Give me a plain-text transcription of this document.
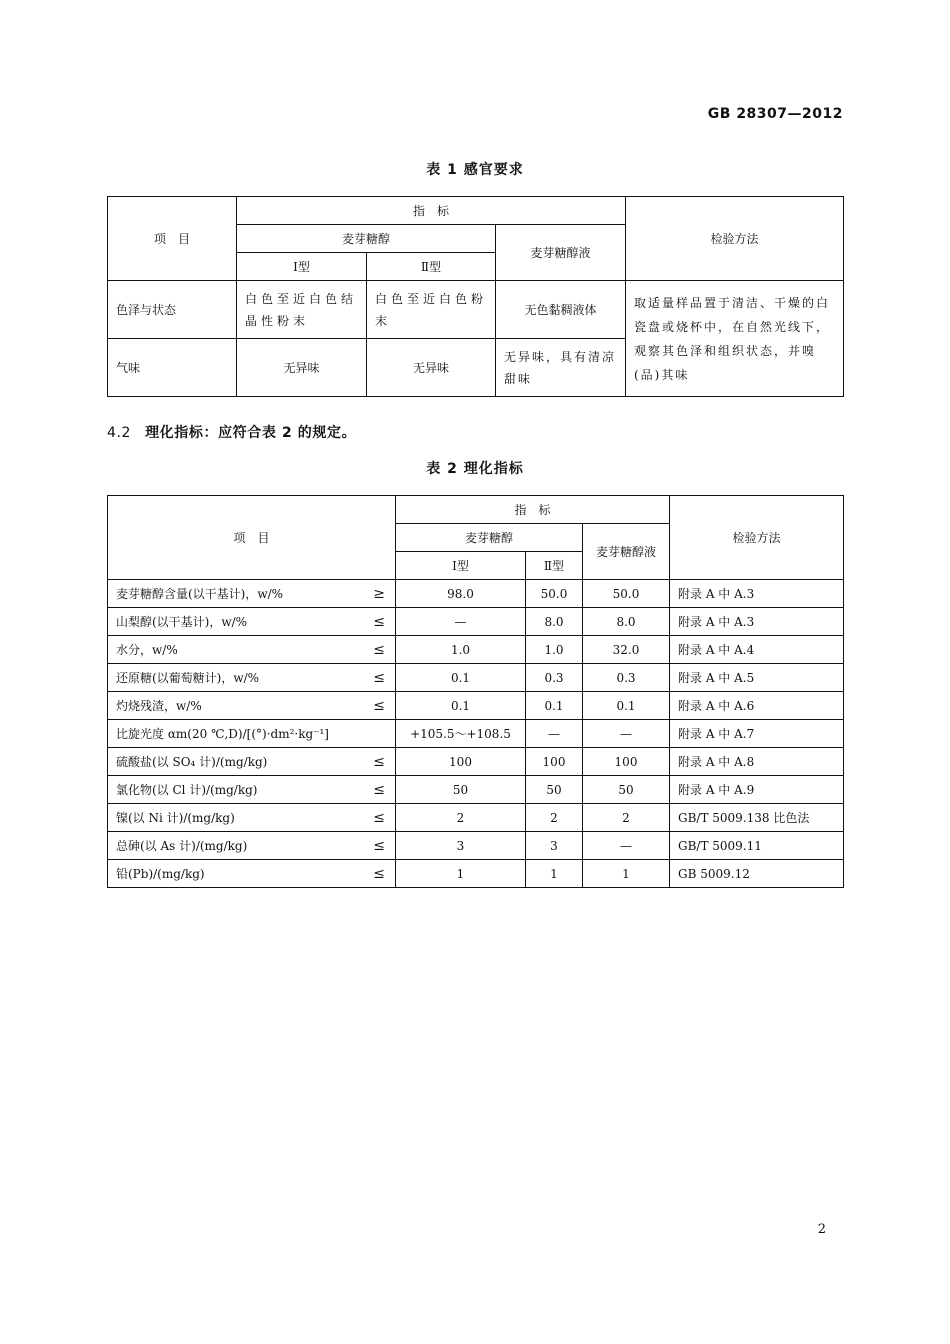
GB 28307—2012
表 1 感官要求
项　目	指　标			检验方法
	麦芽糖醇		麦芽糖醇液	
	Ⅰ型	Ⅱ型		
色泽与状态	白色至近白色结晶性粉末	白色至近白色粉末	无色黏稠液体	取适量样品置于清洁、干燥的白瓷盘或烧杯中，在自然光线下，观察其色泽和组织状态，并嗅(品)其味
气味	无异味	无异味	无异味，具有清凉甜味	
4.2 理化指标：应符合表 2 的规定。
表 2 理化指标
项　目	指　标			检验方法
	麦芽糖醇		麦芽糖醇液	
	Ⅰ型	Ⅱ型		
麦芽糖醇含量(以干基计)，w/% ≥	98.0	50.0	50.0	附录 A 中 A.3
山梨醇(以干基计)，w/% ≤	—	8.0	8.0	附录 A 中 A.3
水分，w/% ≤	1.0	1.0	32.0	附录 A 中 A.4
还原糖(以葡萄糖计)，w/% ≤	0.1	0.3	0.3	附录 A 中 A.5
灼烧残渣，w/% ≤	0.1	0.1	0.1	附录 A 中 A.6
比旋光度 αm(20 ℃,D)/[(°)·dm²·kg⁻¹]	+105.5～+108.5	—	—	附录 A 中 A.7
硫酸盐(以 SO₄ 计)/(mg/kg) ≤	100	100	100	附录 A 中 A.8
氯化物(以 Cl 计)/(mg/kg) ≤	50	50	50	附录 A 中 A.9
镍(以 Ni 计)/(mg/kg) ≤	2	2	2	GB/T 5009.138 比色法
总砷(以 As 计)/(mg/kg) ≤	3	3	—	GB/T 5009.11
铅(Pb)/(mg/kg) ≤	1	1	1	GB 5009.12
2
